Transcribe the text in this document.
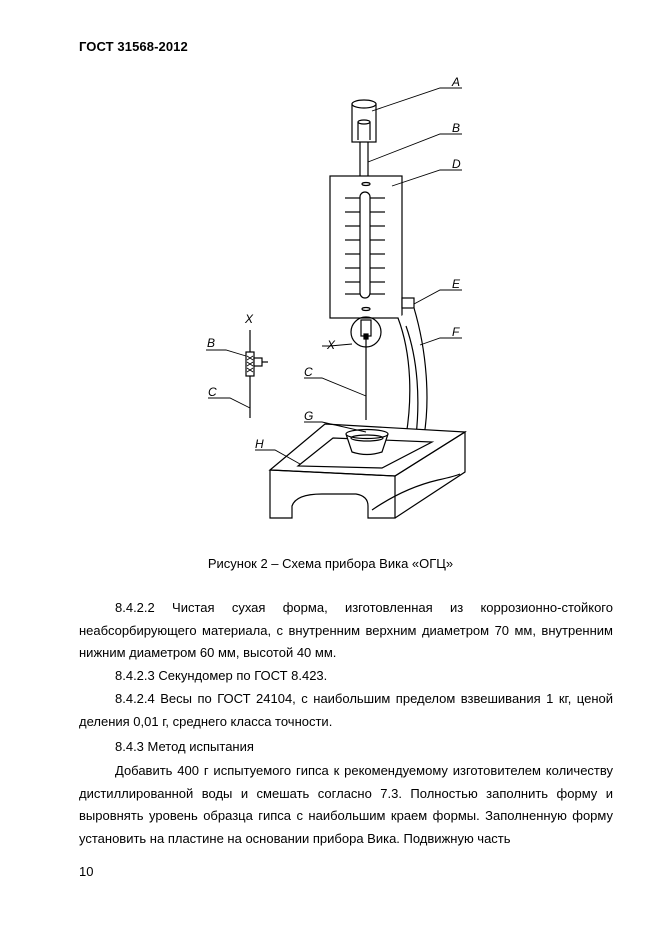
ГОСТ 31568-2012
A
B
D
E
F
X
C
G
H
X
B
C
Рисунок 2 – Схема прибора Вика «ОГЦ»

8.4.2.2 Чистая сухая форма, изготовленная из коррозионно-стойкого неабсорбирующего материала, с внутренним верхним диаметром 70 мм, внутренним нижним диаметром 60 мм, высотой 40 мм.

8.4.2.3 Секундомер по ГОСТ 8.423.

8.4.2.4 Весы по ГОСТ 24104, с наибольшим пределом взвешивания 1 кг, ценой деления 0,01 г, среднего класса точности.

8.4.3 Метод испытания

Добавить 400 г испытуемого гипса к рекомендуемому изготовителем количеству дистиллированной воды и смешать согласно 7.3. Полностью заполнить форму и выровнять уровень образца гипса с наибольшим краем формы. Заполненную форму установить на пластине на основании прибора Вика. Подвижную часть

10
